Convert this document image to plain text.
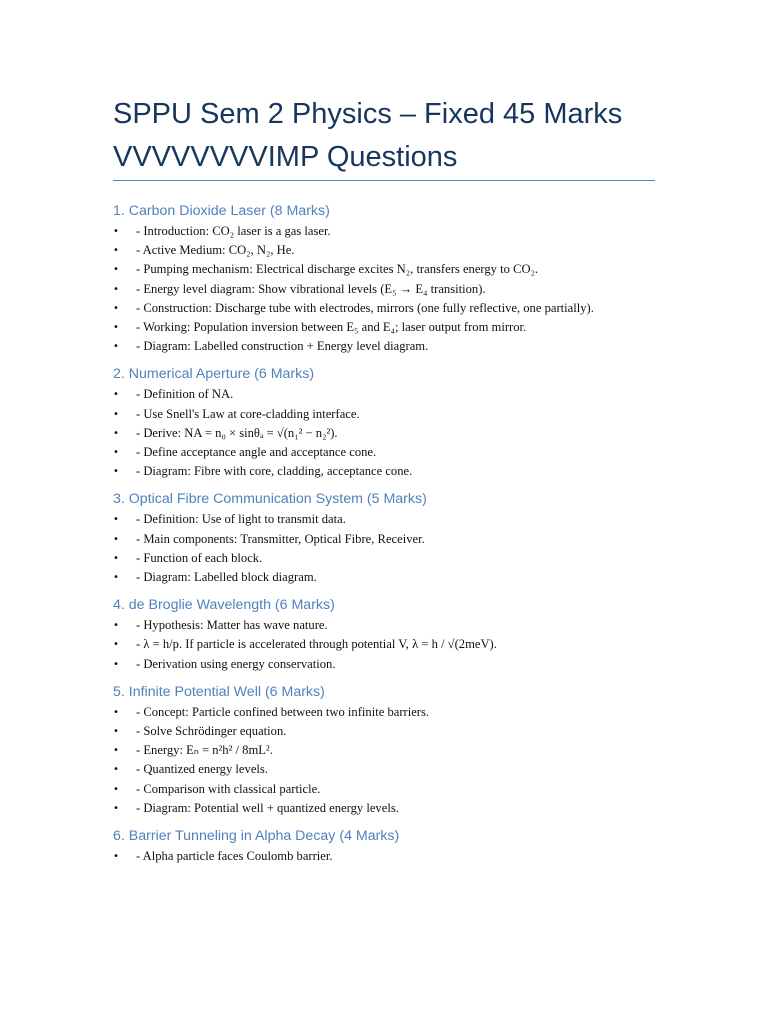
SPPU Sem 2 Physics – Fixed 45 Marks
VVVVVVVVIMP Questions
1. Carbon Dioxide Laser (8 Marks)
• - Introduction: CO₂ laser is a gas laser.
• - Active Medium: CO₂, N₂, He.
• - Pumping mechanism: Electrical discharge excites N₂, transfers energy to CO₂.
• - Energy level diagram: Show vibrational levels (E₅ → E₄ transition).
• - Construction: Discharge tube with electrodes, mirrors (one fully reflective, one partially).
• - Working: Population inversion between E₅ and E₄; laser output from mirror.
• - Diagram: Labelled construction + Energy level diagram.
2. Numerical Aperture (6 Marks)
• - Definition of NA.
• - Use Snell's Law at core-cladding interface.
• - Derive: NA = n₀ × sinθₐ = √(n₁² − n₂²).
• - Define acceptance angle and acceptance cone.
• - Diagram: Fibre with core, cladding, acceptance cone.
3. Optical Fibre Communication System (5 Marks)
• - Definition: Use of light to transmit data.
• - Main components: Transmitter, Optical Fibre, Receiver.
• - Function of each block.
• - Diagram: Labelled block diagram.
4. de Broglie Wavelength (6 Marks)
• - Hypothesis: Matter has wave nature.
• - λ = h/p. If particle is accelerated through potential V, λ = h / √(2meV).
• - Derivation using energy conservation.
5. Infinite Potential Well (6 Marks)
• - Concept: Particle confined between two infinite barriers.
• - Solve Schrödinger equation.
• - Energy: Eₙ = n²h² / 8mL².
• - Quantized energy levels.
• - Comparison with classical particle.
• - Diagram: Potential well + quantized energy levels.
6. Barrier Tunneling in Alpha Decay (4 Marks)
• - Alpha particle faces Coulomb barrier.
